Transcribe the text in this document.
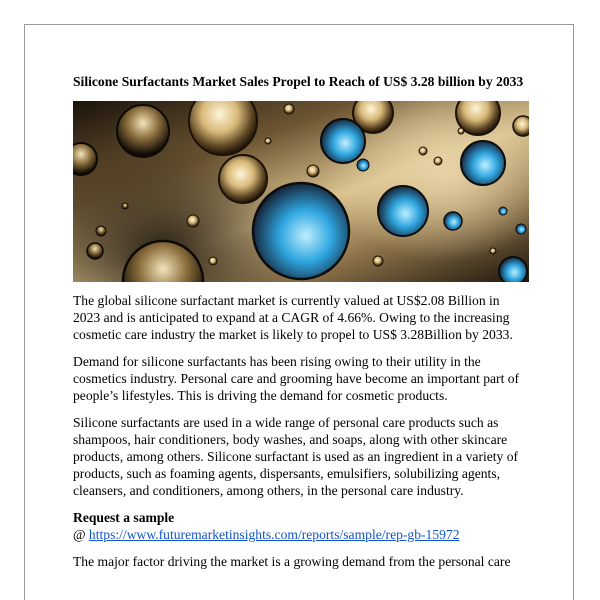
Silicone Surfactants Market Sales Propel to Reach of US$ 3.28 billion by 2033

The global silicone surfactant market is currently valued at US$2.08 Billion in 2023 and is anticipated to expand at a CAGR of 4.66%. Owing to the increasing cosmetic care industry the market is likely to propel to US$ 3.28Billion by 2033.

Demand for silicone surfactants has been rising owing to their utility in the cosmetics industry. Personal care and grooming have become an important part of people’s lifestyles. This is driving the demand for cosmetic products.

Silicone surfactants are used in a wide range of personal care products such as shampoos, hair conditioners, body washes, and soaps, along with other skincare products, among others. Silicone surfactant is used as an ingredient in a variety of products, such as foaming agents, dispersants, emulsifiers, solubilizing agents, cleansers, and conditioners, among others, in the personal care industry.

Request a sample

@ https://www.futuremarketinsights.com/reports/sample/rep-gb-15972

The major factor driving the market is a growing demand from the personal care
